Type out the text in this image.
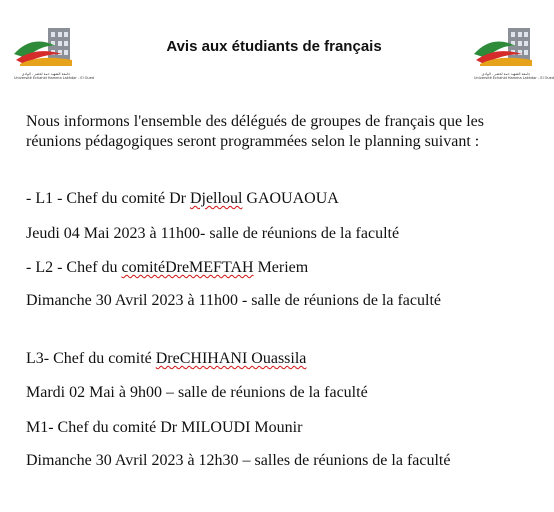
جامعة الشهيد حمة لخضر - الوادي
Université Echahid Hamma Lakhdar - El Oued
جامعة الشهيد حمة لخضر - الوادي
Université Echahid Hamma Lakhdar - El Oued
Avis aux étudiants de français
Nous informons l'ensemble des délégués de groupes de français que les réunions pédagogiques seront programmées selon le planning suivant :
- L1 - Chef du comité Dr Djelloul GAOUAOUA
Jeudi 04 Mai 2023 à 11h00- salle de réunions de la faculté
- L2 - Chef du comitéDreMEFTAH Meriem
Dimanche 30 Avril 2023 à 11h00 - salle de réunions de la faculté
L3- Chef du comité DreCHIHANI Ouassila
Mardi 02 Mai à 9h00 – salle de réunions de la faculté
M1- Chef du comité Dr MILOUDI Mounir
Dimanche 30 Avril 2023 à 12h30 – salles de réunions de la faculté
